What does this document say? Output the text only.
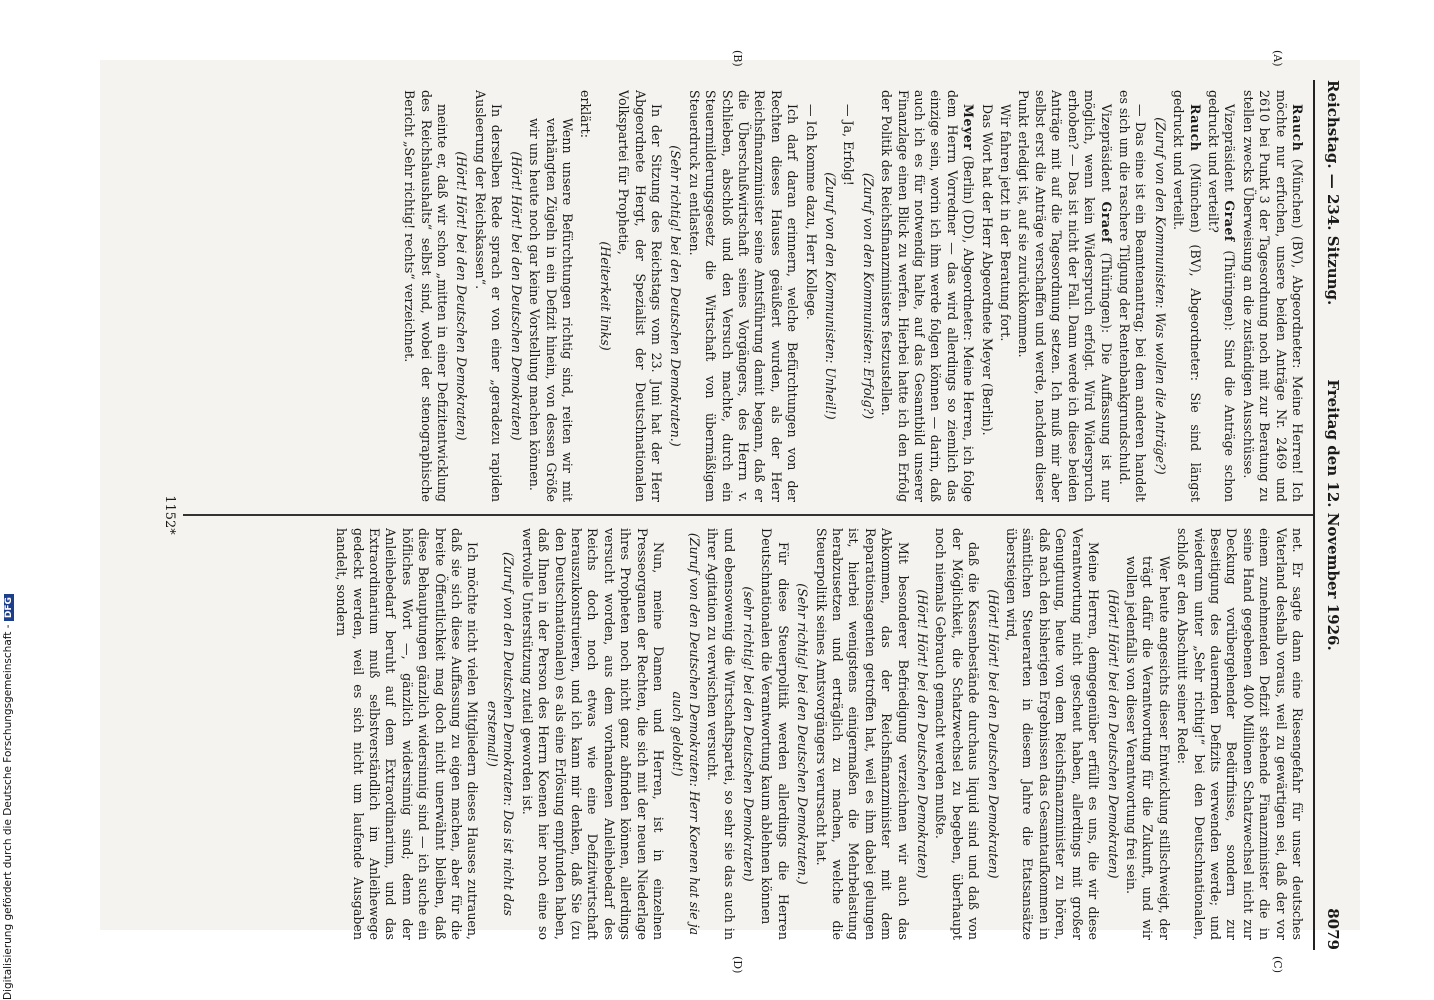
Reichstag. — 234. Sitzung.
Freitag den 12. November 1926.
8079
(A)
(B)
(C)
(D)

Rauch (München) (BV), Abgeordneter: Meine Herren! Ich möchte nur erfuchen, unsere beiden Anträge Nr. 2469 und 2610 bei Punkt 3 der Tagesordnung noch mit zur Beratung zu stellen zwecks Überweisung an die zuständigen Ausschüsse.

Vizepräsident Graef (Thüringen): Sind die Anträge schon gedruckt und verteilt?

Rauch (München) (BV), Abgeordneter: Sie sind längst gedruckt und verteilt.

(Zuruf von den Kommunisten: Was wollen die Anträge?)

— Das eine ist ein Beamtenantrag; bei dem anderen handelt es sich um die raschere Tilgung der Rentenbankgrundschuld.

Vizepräsident Graef (Thüringen): Die Auffassung ist nur möglich, wenn kein Widerspruch erfolgt. Wird Widerspruch erhoben? — Das ist nicht der Fall. Dann werde ich diese beiden Anträge mit auf die Tagesordnung setzen. Ich muß mir aber selbst erst die Anträge verschaffen und werde, nachdem dieser Punkt erledigt ist, auf sie zurückkommen.

Wir fahren jetzt in der Beratung fort.

Das Wort hat der Herr Abgeordnete Meyer (Berlin).

Meyer (Berlin) (DD), Abgeordneter: Meine Herren, ich folge dem Herrn Vorredner — das wird allerdings so ziemlich das einzige sein, worin ich ihm werde folgen können — darin, daß auch ich es für notwendig halte, auf das Gesamtbild unserer Finanzlage einen Blick zu werfen. Hierbei hatte ich den Erfolg der Politik des Reichsfinanzministers festzustellen.

(Zuruf von den Kommunisten: Erfolg?)

— Ja, Erfolg!

(Zuruf von den Kommunisten: Unheil!)

— Ich komme dazu, Herr Kollege.

Ich darf daran erinnern, welche Befürchtungen von der Rechten dieses Hauses geäußert wurden, als der Herr Reichsfinanzminister seine Amtsführung damit begann, daß er die Überschußwirtschaft seines Vorgängers, des Herrn v. Schlieben, abschloß und den Versuch machte, durch ein Steuermilderungsgesetz die Wirtschaft von übermäßigem Steuerdruck zu entlasten.

(Sehr richtig! bei den Deutschen Demokraten.)

In der Sitzung des Reichstags vom 23. Juni hat der Herr Abgeordnete Hergt, der Spezialist der Deutschnationalen Volkspartei für Prophetie,

(Heiterkeit links)

erklärt:

Wenn unsere Befürchtungen richtig sind, reiten wir mit verhängten Zügeln in ein Defizit hinein, von dessen Größe wir uns heute noch gar keine Vorstellung machen können.

(Hört! Hört! bei den Deutschen Demokraten)

In derselben Rede sprach er von einer „geradezu rapiden Ausleerung der Reichskassen“.

(Hört! Hört! bei den Deutschen Demokraten)

meinte er, daß wir schon „mitten in einer Defizitentwicklung des Reichshaushalts“ selbst sind, wobei der stenographische Bericht „Sehr richtig! rechts“ verzeichnet.

net. Er sagte dann eine Riesengefahr für unser deutsches Vaterland deshalb voraus, weil zu gewärtigen sei, daß der vor einem zunehmenden Defizit stehende Finanzminister die in seine Hand gegebenen 400 Millionen Schatzwechsel nicht zur Deckung vorübergehender Bedürfnisse, sondern zur Beseitigung des dauernden Defizits verwenden werde; und wiederum unter „Sehr richtig!“ bei den Deutschnationalen, schloß er den Abschnitt seiner Rede:

Wer heute angesichts dieser Entwicklung stillschweigt, der trägt dafür die Verantwortung für die Zukunft, und wir wollen jedenfalls von dieser Verantwortung frei sein.

(Hört! Hört! bei den Deutschen Demokraten)

Meine Herren, demgegenüber erfüllt es uns, die wir diese Verantwortung nicht gescheut haben, allerdings mit großer Genugtuung, heute von dem Reichsfinanzminister zu hören, daß nach den bisherigen Ergebnissen das Gesamtaufkommen in sämtlichen Steuerarten in diesem Jahre die Etatsansätze übersteigen wird,

(Hört! Hört! bei den Deutschen Demokraten)

daß die Kassenbestände durchaus liquid sind und daß von der Möglichkeit, die Schatzwechsel zu begeben, überhaupt noch niemals Gebrauch gemacht werden mußte.

(Hört! Hört! bei den Deutschen Demokraten)

Mit besonderer Befriedigung verzeichnen wir auch das Abkommen, das der Reichsfinanzminister mit dem Reparationsagenten getroffen hat, weil es ihm dabei gelungen ist, hierbei wenigstens einigermaßen die Mehrbelastung herabzusetzen und erträglich zu machen, welche die Steuerpolitik seines Amtsvorgängers verursacht hat.

(Sehr richtig! bei den Deutschen Demokraten.)

Für diese Steuerpolitik werden allerdings die Herren Deutschnationalen die Verantwortung kaum ablehnen können

(sehr richtig! bei den Deutschen Demokraten)

und ebensowenig die Wirtschaftspartei, so sehr sie das auch in ihrer Agitation zu verwischen versucht.

(Zuruf von den Deutschen Demokraten: Herr Koenen hat sie ja auch gelobt!)

Nun, meine Damen und Herren, ist in einzelnen Presseorganen der Rechten, die sich mit der neuen Niederlage ihres Propheten noch nicht ganz abfinden können, allerdings versucht worden, aus dem vorhandenen Anleihebedarf des Reichs doch noch etwas wie eine Defizitwirtschaft herauszukonstruieren, und ich kann mir denken, daß Sie (zu den Deutschnationalen) es als eine Erlösung empfunden haben, daß Ihnen in der Person des Herrn Koenen hier noch eine so wertvolle Unterstützung zuteil geworden ist.

(Zuruf von den Deutschen Demokraten: Das ist nicht das erstemal!)

Ich möchte nicht vielen Mitgliedern dieses Hauses zutrauen, daß sie sich diese Auffassung zu eigen machen, aber für die breite Öffentlichkeit mag doch nicht unerwähnt bleiben, daß diese Behauptungen gänzlich widersinnig sind — ich suche ein höfliches Wort —, gänzlich widersinnig sind; denn der Anleihebedarf beruht auf dem Extraordinarium, und das Extraordinarium muß selbstverständlich im Anleihewege gedeckt werden, weil es sich nicht um laufende Ausgaben handelt, sondern

1152*
Digitalisierung gefördert durch die Deutsche Forschungsgemeinschaft - DFG
